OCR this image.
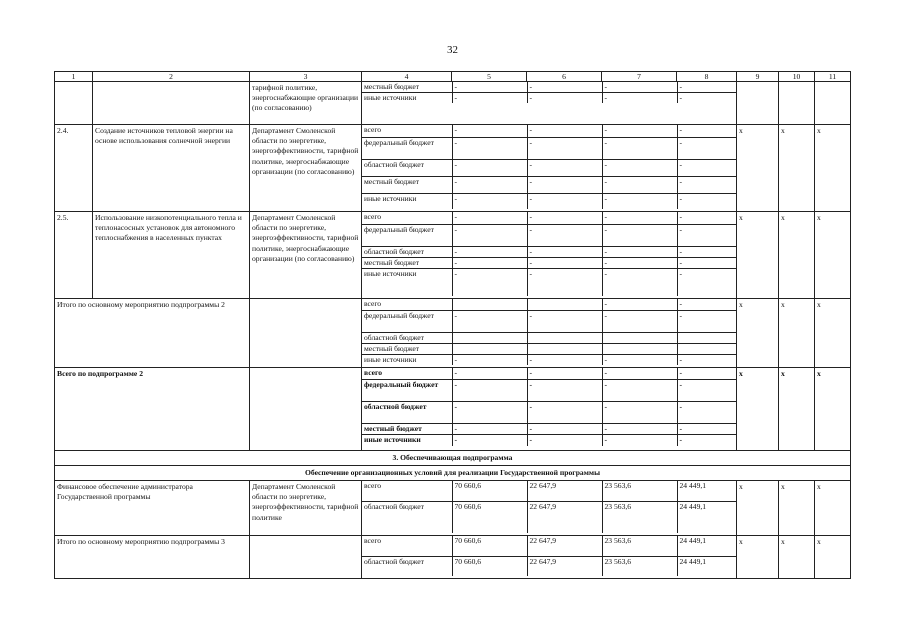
32
1	2	3	4	5	6	7	8	9	10	11
		тарифной политике, энергоснабжающие организации (по согласованию)	
местный бюджет	-	-	-	-
иные источники	-	-	-	-

2.4.	Создание источников тепловой энергии на основе использования солнечной энергии	Департамент Смоленской области по энергетике, энергоэффективности, тарифной политике, энергоснабжающие организации (по согласованию)	
всего	-	-	-	-
федеральный бюджет	-	-	-	-
областной бюджет	-	-	-	-
местный бюджет	-	-	-	-
иные источники	-	-	-	-
	х	х	х
2.5.	Использование низкопотенциального тепла и теплонасосных установок для автономного теплоснабжения в населенных пунктах	Департамент Смоленской области по энергетике, энергоэффективности, тарифной политике, энергоснабжающие организации (по согласованию)	
всего	-	-	-	-
федеральный бюджет	-	-	-	-
областной бюджет	-	-	-	-
местный бюджет	-	-	-	-
иные источники	-	-	-	-
	х	х	х
Итого по основному мероприятию подпрограммы 2			всего			-	-
федеральный бюджет	-	-	-	-
областной бюджет				
местный бюджет				
иные источники	-	-	-	-
	х	х	х
Всего по подпрограмме 2			всего	-	-	-	-
федеральный бюджет	-	-	-	-
областной бюджет	-	-	-	-
местный бюджет	-	-	-	-
иные источники	-	-	-	-
	х	х	х
3. Обеспечивающая подпрограмма
Обеспечение организационных условий для реализации Государственной программы
Финансовое обеспечение администратора Государственной программы	Департамент Смоленской области по энергетике, энергоэффективности, тарифной политике	
всего	70 660,6	22 647,9	23 563,6	24 449,1
областной бюджет	70 660,6	22 647,9	23 563,6	24 449,1
	х	х	х
Итого по основному мероприятию подпрограммы 3			всего	70 660,6	22 647,9	23 563,6	24 449,1
областной бюджет	70 660,6	22 647,9	23 563,6	24 449,1
	х	х	х
